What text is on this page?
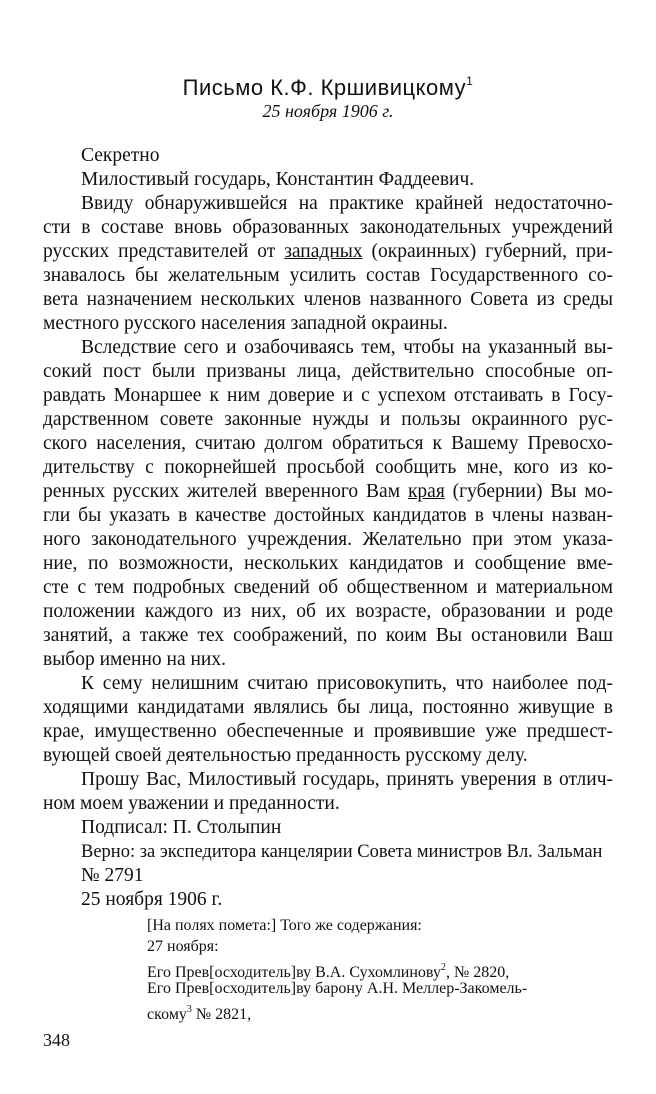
Письмо К.Ф. Кршивицкому$^1$
25 ноября 1906 г.
Секретно
Милостивый государь, Константин Фаддеевич.
Ввиду обнаружившейся на практике крайней недостаточно-
сти в составе вновь образованных законодательных учреждений
русских представителей от западных (окраинных) губерний, при-
знавалось бы желательным усилить состав Государственного со-
вета назначением нескольких членов названного Совета из среды
местного русского населения западной окраины.
Вследствие сего и озабочиваясь тем, чтобы на указанный вы-
сокий пост были призваны лица, действительно способные оп-
равдать Монаршее к ним доверие и с успехом отстаивать в Госу-
дарственном совете законные нужды и пользы окраинного рус-
ского населения, считаю долгом обратиться к Вашему Превосхо-
дительству с покорнейшей просьбой сообщить мне, кого из ко-
ренных русских жителей вверенного Вам края (губернии) Вы мо-
гли бы указать в качестве достойных кандидатов в члены назван-
ного законодательного учреждения. Желательно при этом указа-
ние, по возможности, нескольких кандидатов и сообщение вме-
сте с тем подробных сведений об общественном и материальном
положении каждого из них, об их возрасте, образовании и роде
занятий, а также тех соображений, по коим Вы остановили Ваш
выбор именно на них.
К сему нелишним считаю присовокупить, что наиболее под-
ходящими кандидатами являлись бы лица, постоянно живущие в
крае, имущественно обеспеченные и проявившие уже предшест-
вующей своей деятельностью преданность русскому делу.
Прошу Вас, Милостивый государь, принять уверения в отлич-
ном моем уважении и преданности.
Подписал: П. Столыпин
Верно: за экспедитора канцелярии Совета министров Вл. Зальман
№ 2791
25 ноября 1906 г.
[На полях помета:] Того же содержания:
27 ноября:
Его Прев[осходитель]ву В.А. Сухомлинову$^2$, № 2820,
Его Прев[осходитель]ву барону А.Н. Меллер-Закомель-
скому$^3$ № 2821,
348
